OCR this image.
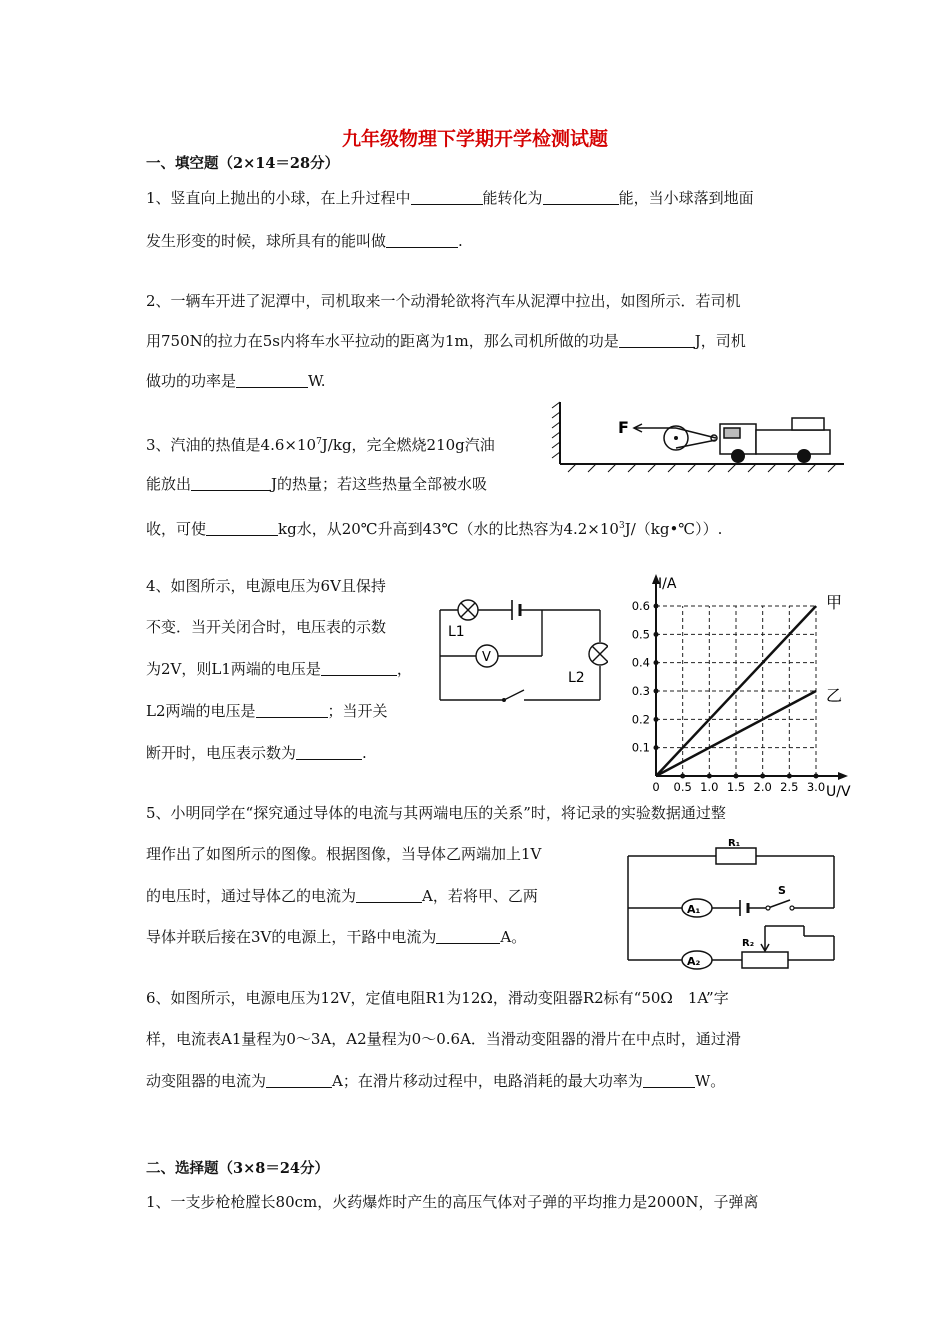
九年级物理下学期开学检测试题
一、填空题（2×14＝28分）
1、竖直向上抛出的小球，在上升过程中	能转化为	能，当小球落到地面
发生形变的时候，球所具有的能叫做	.
2、一辆车开进了泥潭中，司机取来一个动滑轮欲将汽车从泥潭中拉出，如图所示．若司机
用750N的拉力在5s内将车水平拉动的距离为1m，那么司机所做的功是	J，司机
做功的功率是	W.
3、汽油的热值是$4.6\times 10^7J/kg$，完全燃烧210g汽油
能放出	J的热量；若这些热量全部被水吸
收，可使	kg水，从20℃升高到43℃（水的比热容为$4.2\times 10^3J/(kg•℃)$）.
4、如图所示，电源电压为6V且保持
不变．当开关闭合时，电压表的示数
为2V，则L1两端的电压是	，
L2两端的电压是	；当开关
断开时，电压表示数为	.
5、小明同学在“探究通过导体的电流与其两端电压的关系”时，将记录的实验数据通过整
理作出了如图所示的图像。根据图像，当导体乙两端加上1V
的电压时，通过导体乙的电流为	A，若将甲、乙两
导体并联后接在3V的电源上，干路中电流为	A。
6、如图所示，电源电压为12V，定值电阻R1为12Ω，滑动变阻器R2标有“50Ω　1A”字
样，电流表A1量程为0～3A，A2量程为0～0.6A．当滑动变阻器的滑片在中点时，通过滑
动变阻器的电流为	A；在滑片移动过程中，电路消耗的最大功率为	W。
二、选择题（3×8＝24分）
1、一支步枪枪膛长80cm，火药爆炸时产生的高压气体对子弹的平均推力是2000N，子弹离
F
L1
L2
V
0 0.5 1.0 1.5 2.0 2.5 3.0
0.1
0.2
0.3
0.4
0.5
0.6
I/A
U/V
甲
乙
R₁
A₁
S
A₂
R₂
